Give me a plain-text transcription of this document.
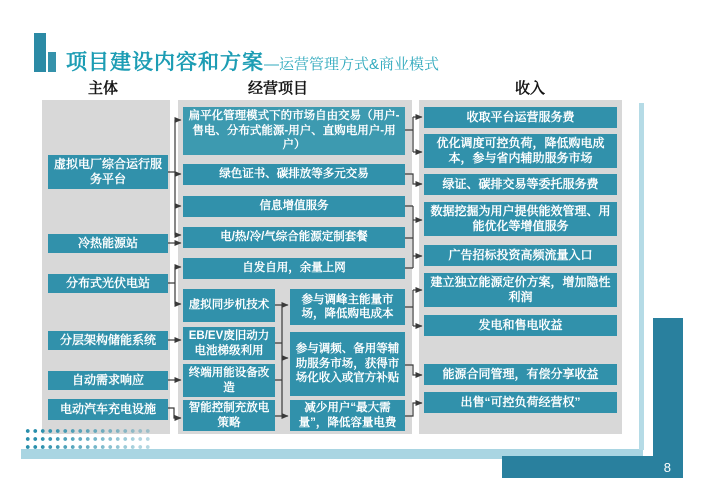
项目建设内容和方案—运营管理方式&商业模式
主体	经营项目	收入
虚拟电厂综合运行服务平台
冷热能源站
分布式光伏电站
分层架构储能系统
自动需求响应
电动汽车充电设施
扁平化管理模式下的市场自由交易（用户-售电、分布式能源-用户、直购电用户-用户）
绿色证书、碳排放等多元交易
信息增值服务
电/热/冷/气综合能源定制套餐
自发自用，余量上网
虚拟同步机技术
EB/EV废旧动力电池梯级利用
终端用能设备改造
智能控制充放电策略
参与调峰主能量市场，降低购电成本
参与调频、备用等辅助服务市场，获得市场化收入或官方补贴
减少用户“最大需量”，降低容量电费
收取平台运营服务费
优化调度可控负荷，降低购电成本，参与省内辅助服务市场
绿证、碳排交易等委托服务费
数据挖掘为用户提供能效管理、用能优化等增值服务
广告招标投资高频流量入口
建立独立能源定价方案，增加隐性利润
发电和售电收益
能源合同管理，有偿分享收益
出售“可控负荷经营权”
8
